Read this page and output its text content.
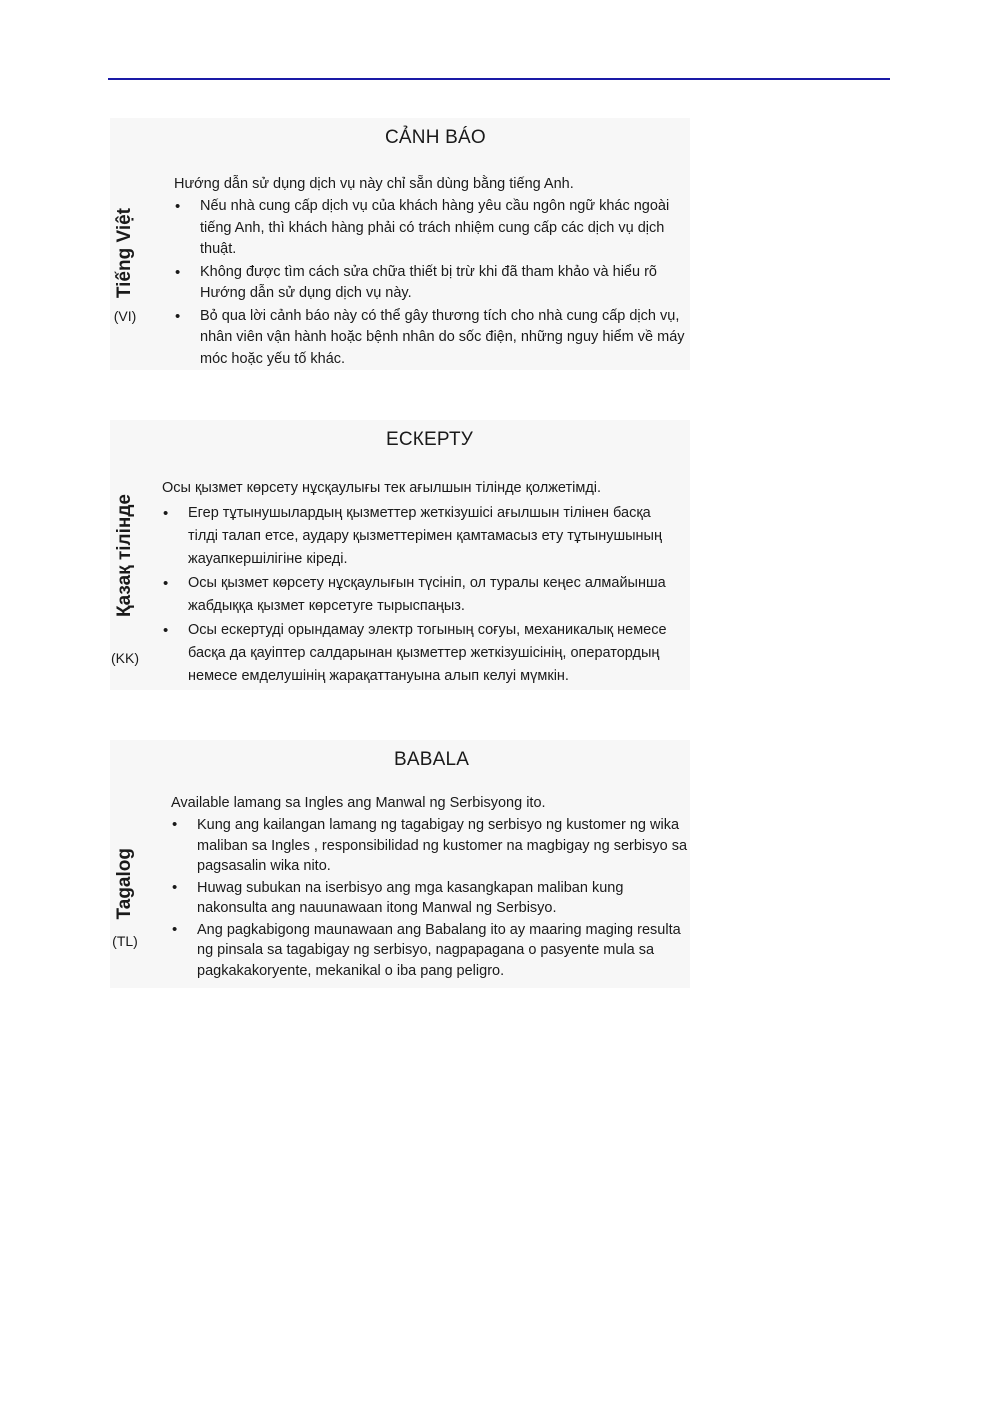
Tiếng Việt
(VI)
CẢNH BÁO
Hướng dẫn sử dụng dịch vụ này chỉ sẵn dùng bằng tiếng Anh.
• Nếu nhà cung cấp dịch vụ của khách hàng yêu cầu ngôn ngữ khác ngoài
tiếng Anh, thì khách hàng phải có trách nhiệm cung cấp các dịch vụ dịch
thuật.
• Không được tìm cách sửa chữa thiết bị trừ khi đã tham khảo và hiểu rõ
Hướng dẫn sử dụng dịch vụ này.
• Bỏ qua lời cảnh báo này có thể gây thương tích cho nhà cung cấp dịch vụ,
nhân viên vận hành hoặc bệnh nhân do sốc điện, những nguy hiểm về máy
móc hoặc yếu tố khác.
Қазақ тілінде
(KK)
ЕСКЕРТУ
Осы қызмет көрсету нұсқаулығы тек ағылшын тілінде қолжетімді.
• Егер тұтынушылардың қызметтер жеткізушісі ағылшын тілінен басқа
тілді талап етсе, аудару қызметтерімен қамтамасыз ету тұтынушының
жауапкершілігіне кіреді.
• Осы қызмет көрсету нұсқаулығын түсініп, ол туралы кеңес алмайынша
жабдыққа қызмет көрсетуге тырыспаңыз.
• Осы ескертуді орындамау электр тогының соғуы, механикалық немесе
басқа да қауіптер салдарынан қызметтер жеткізушісінің, оператордың
немесе емделушінің жарақаттануына алып келуі мүмкін.
Tagalog
(TL)
BABALA
Available lamang sa Ingles ang Manwal ng Serbisyong ito.
• Kung ang kailangan lamang ng tagabigay ng serbisyo ng kustomer ng wika
maliban sa Ingles , responsibilidad ng kustomer na magbigay ng serbisyo sa
pagsasalin wika nito.
• Huwag subukan na iserbisyo ang mga kasangkapan maliban kung
nakonsulta ang nauunawaan itong Manwal ng Serbisyo.
• Ang pagkabigong maunawaan ang Babalang ito ay maaring maging resulta
ng pinsala sa tagabigay ng serbisyo, nagpapagana o pasyente mula sa
pagkakakoryente, mekanikal o iba pang peligro.
